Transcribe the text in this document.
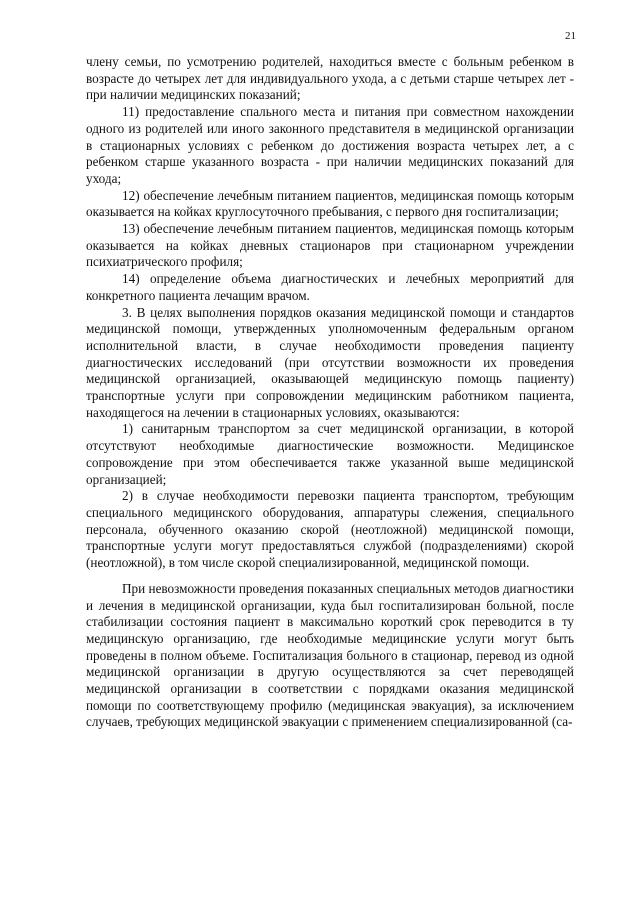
21

члену семьи, по усмотрению родителей, находиться вместе с больным ребенком в возрасте до четырех лет для индивидуального ухода, а с детьми старше четырех лет - при наличии медицинских показаний;

11) предоставление спального места и питания при совместном нахождении одного из родителей или иного законного представителя в медицинской организации в стационарных условиях с ребенком до достижения возраста четырех лет, а с ребенком старше указанного возраста - при наличии медицинских показаний для ухода;

12) обеспечение лечебным питанием пациентов, медицинская помощь которым оказывается на койках круглосуточного пребывания, с первого дня госпитализации;

13) обеспечение лечебным питанием пациентов, медицинская помощь которым оказывается на койках дневных стационаров при стационарном учреждении психиатрического профиля;

14) определение объема диагностических и лечебных мероприятий для конкретного пациента лечащим врачом.

3. В целях выполнения порядков оказания медицинской помощи и стандартов медицинской помощи, утвержденных уполномоченным федеральным органом исполнительной власти, в случае необходимости проведения пациенту диагностических исследований (при отсутствии возможности их проведения медицинской организацией, оказывающей медицинскую помощь пациенту) транспортные услуги при сопровождении медицинским работником пациента, находящегося на лечении в стационарных условиях, оказываются:

1) санитарным транспортом за счет медицинской организации, в которой отсутствуют необходимые диагностические возможности. Медицинское сопровождение при этом обеспечивается также указанной выше медицинской организацией;

2) в случае необходимости перевозки пациента транспортом, требующим специального медицинского оборудования, аппаратуры слежения, специального персонала, обученного оказанию скорой (неотложной) медицинской помощи, транспортные услуги могут предоставляться службой (подразделениями) скорой (неотложной), в том числе скорой специализированной, медицинской помощи.

При невозможности проведения показанных специальных методов диагностики и лечения в медицинской организации, куда был госпитализирован больной, после стабилизации состояния пациент в максимально короткий срок переводится в ту медицинскую организацию, где необходимые медицинские услуги могут быть проведены в полном объеме. Госпитализация больного в стационар, перевод из одной медицинской организации в другую осуществляются за счет переводящей медицинской организации в соответствии с порядками оказания медицинской помощи по соответствующему профилю (медицинская эвакуация), за исключением случаев, требующих медицинской эвакуации с применением специализированной (са-
